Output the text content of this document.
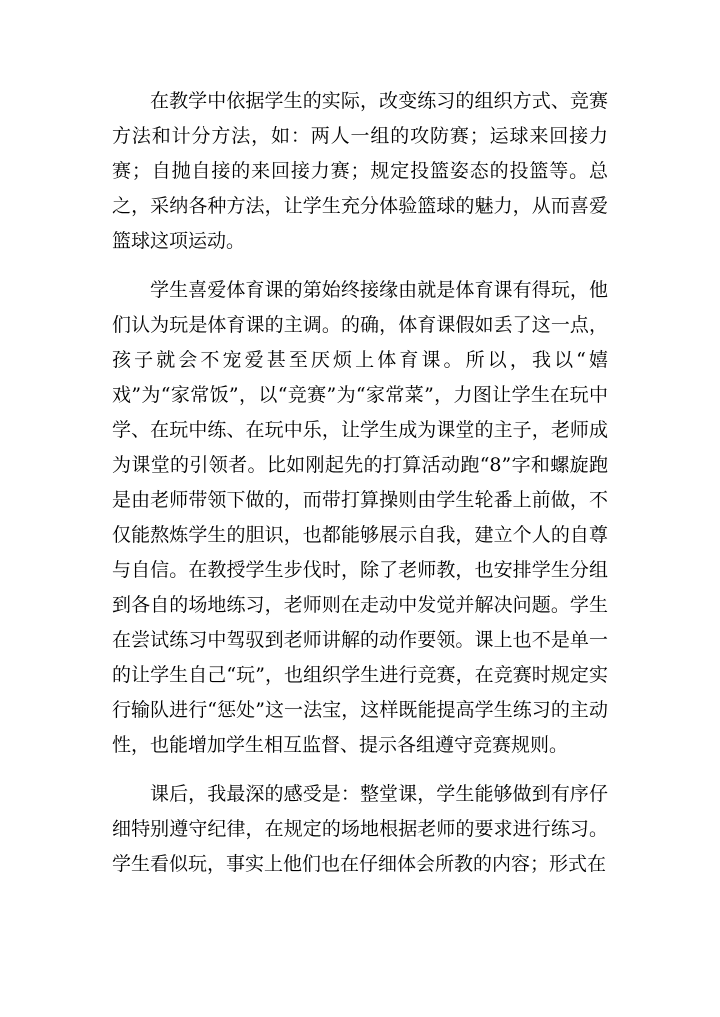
在教学中依据学生的实际，改变练习的组织方式、竞赛方法和计分方法，如：两人一组的攻防赛；运球来回接力赛；自抛自接的来回接力赛；规定投篮姿态的投篮等。总之，采纳各种方法，让学生充分体验篮球的魅力，从而喜爱篮球这项运动。

学生喜爱体育课的第始终接缘由就是体育课有得玩，他们认为玩是体育课的主调。的确，体育课假如丢了这一点，孩子就会不宠爱甚至厌烦上体育课。所以，我以“嬉戏”为“家常饭”，以“竞赛”为“家常菜”，力图让学生在玩中学、在玩中练、在玩中乐，让学生成为课堂的主子，老师成为课堂的引领者。比如刚起先的打算活动跑“8”字和螺旋跑是由老师带领下做的，而带打算操则由学生轮番上前做，不仅能熬炼学生的胆识，也都能够展示自我，建立个人的自尊与自信。在教授学生步伐时，除了老师教，也安排学生分组到各自的场地练习，老师则在走动中发觉并解决问题。学生在尝试练习中驾驭到老师讲解的动作要领。课上也不是单一的让学生自己“玩”，也组织学生进行竞赛，在竞赛时规定实行输队进行“惩处”这一法宝，这样既能提高学生练习的主动性，也能增加学生相互监督、提示各组遵守竞赛规则。

课后，我最深的感受是：整堂课，学生能够做到有序仔细特别遵守纪律，在规定的场地根据老师的要求进行练习。学生看似玩，事实上他们也在仔细体会所教的内容；形式在
